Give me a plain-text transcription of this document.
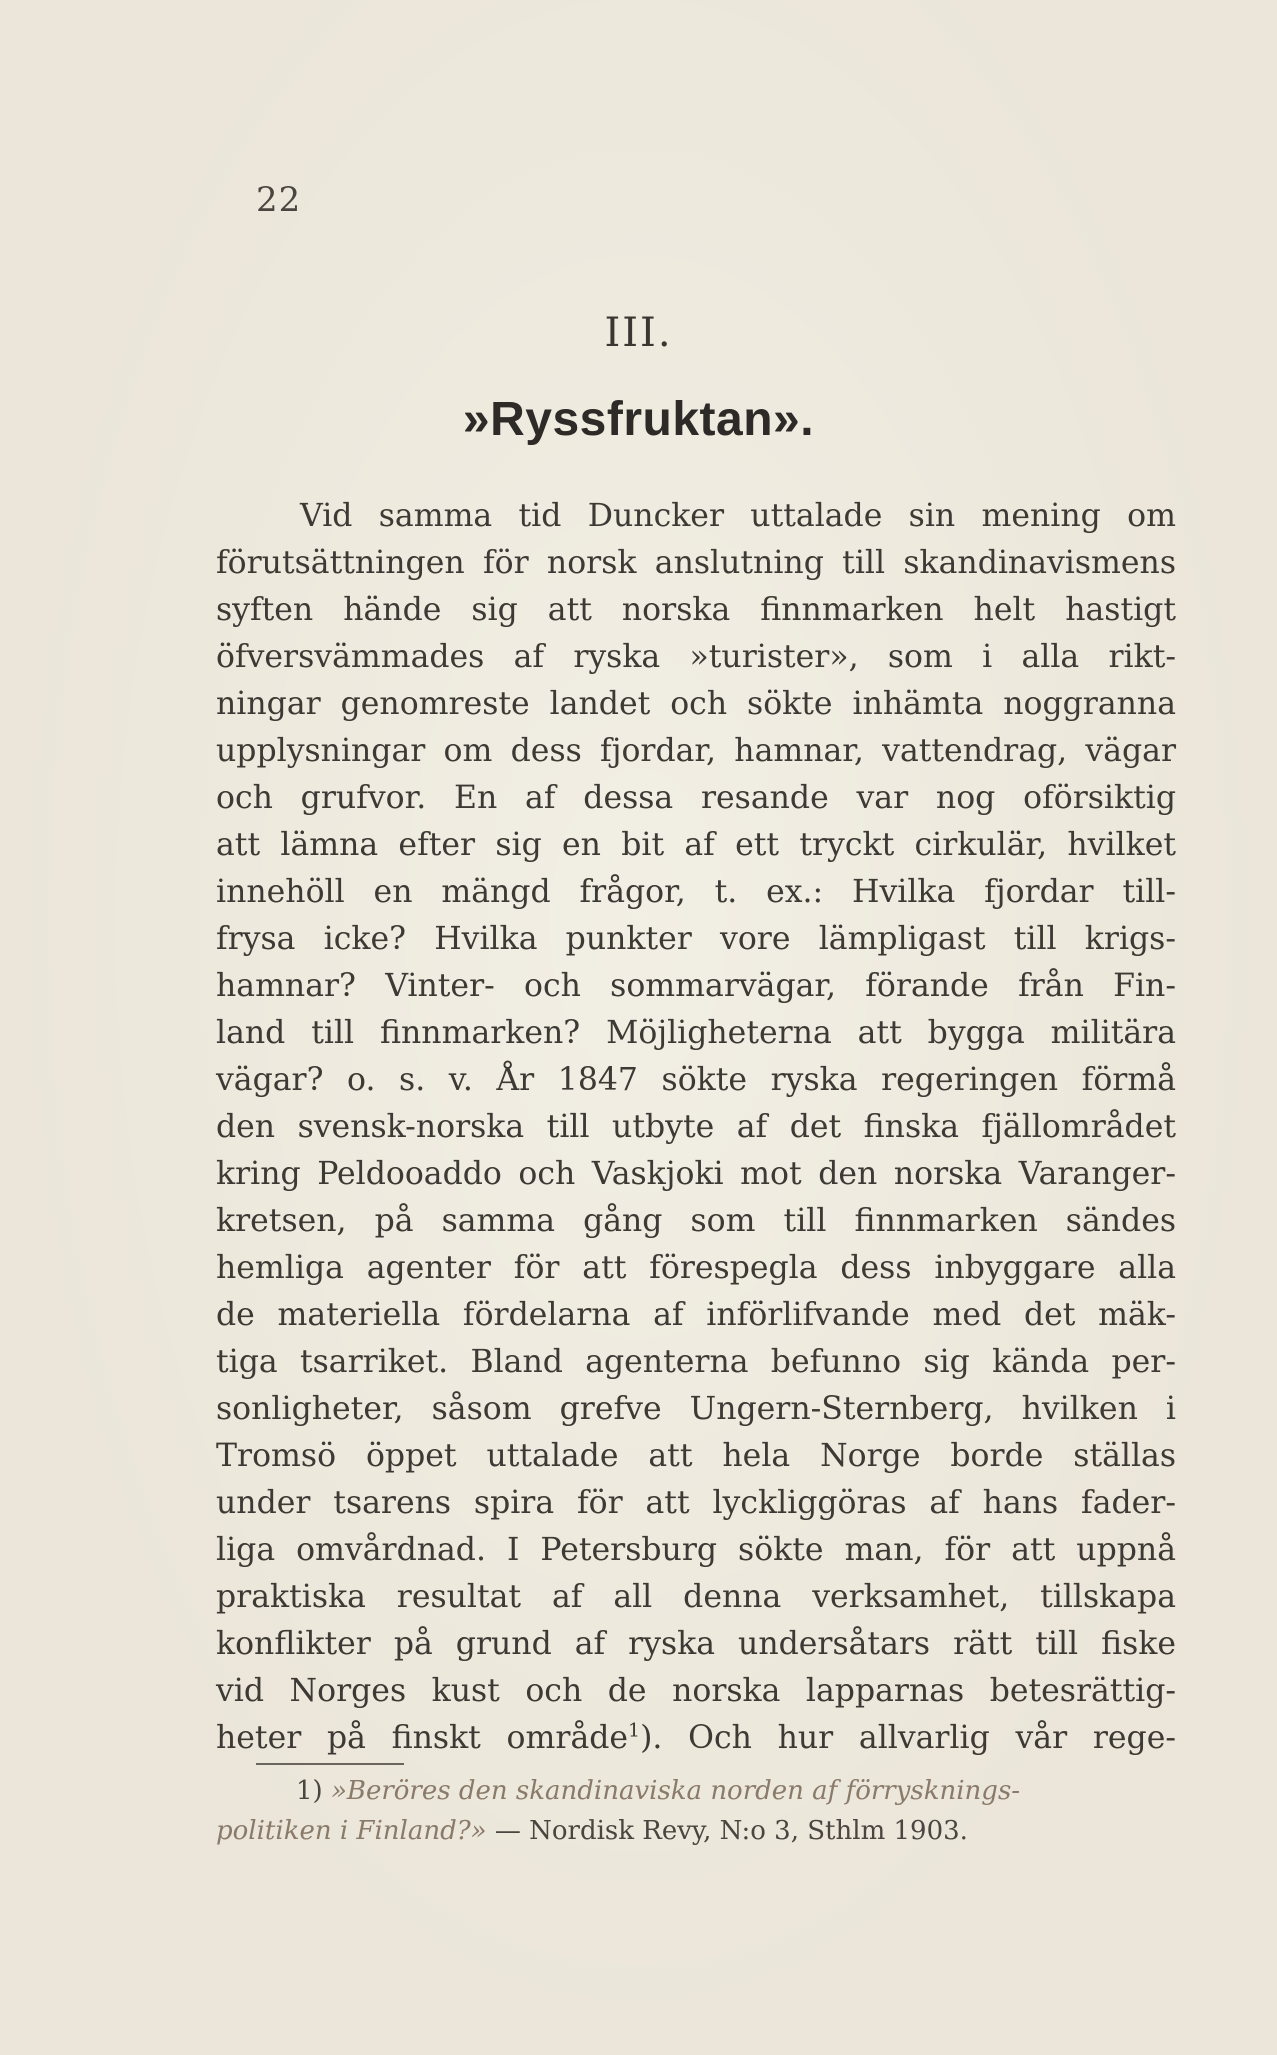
22
III.
»Ryssfruktan».
Vid samma tid Duncker uttalade sin mening om
förutsättningen för norsk anslutning till skandinavismens
syften hände sig att norska finnmarken helt hastigt
öfversvämmades af ryska »turister», som i alla rikt-
ningar genomreste landet och sökte inhämta noggranna
upplysningar om dess fjordar, hamnar, vattendrag, vägar
och grufvor. En af dessa resande var nog oförsiktig
att lämna efter sig en bit af ett tryckt cirkulär, hvilket
innehöll en mängd frågor, t. ex.: Hvilka fjordar till-
frysa icke? Hvilka punkter vore lämpligast till krigs-
hamnar? Vinter- och sommarvägar, förande från Fin-
land till finnmarken? Möjligheterna att bygga militära
vägar? o. s. v. År 1847 sökte ryska regeringen förmå
den svensk-norska till utbyte af det finska fjällområdet
kring Peldooaddo och Vaskjoki mot den norska Varanger-
kretsen, på samma gång som till finnmarken sändes
hemliga agenter för att förespegla dess inbyggare alla
de materiella fördelarna af införlifvande med det mäk-
tiga tsarriket. Bland agenterna befunno sig kända per-
sonligheter, såsom grefve Ungern-Sternberg, hvilken i
Tromsö öppet uttalade att hela Norge borde ställas
under tsarens spira för att lyckliggöras af hans fader-
liga omvårdnad. I Petersburg sökte man, för att uppnå
praktiska resultat af all denna verksamhet, tillskapa
konflikter på grund af ryska undersåtars rätt till fiske
vid Norges kust och de norska lapparnas betesrättig-
heter på finskt område$^1$). Och hur allvarlig vår rege-
1) »Beröres den skandinaviska norden af förrysknings-
politiken i Finland?» — Nordisk Revy, N:o 3, Sthlm 1903.
